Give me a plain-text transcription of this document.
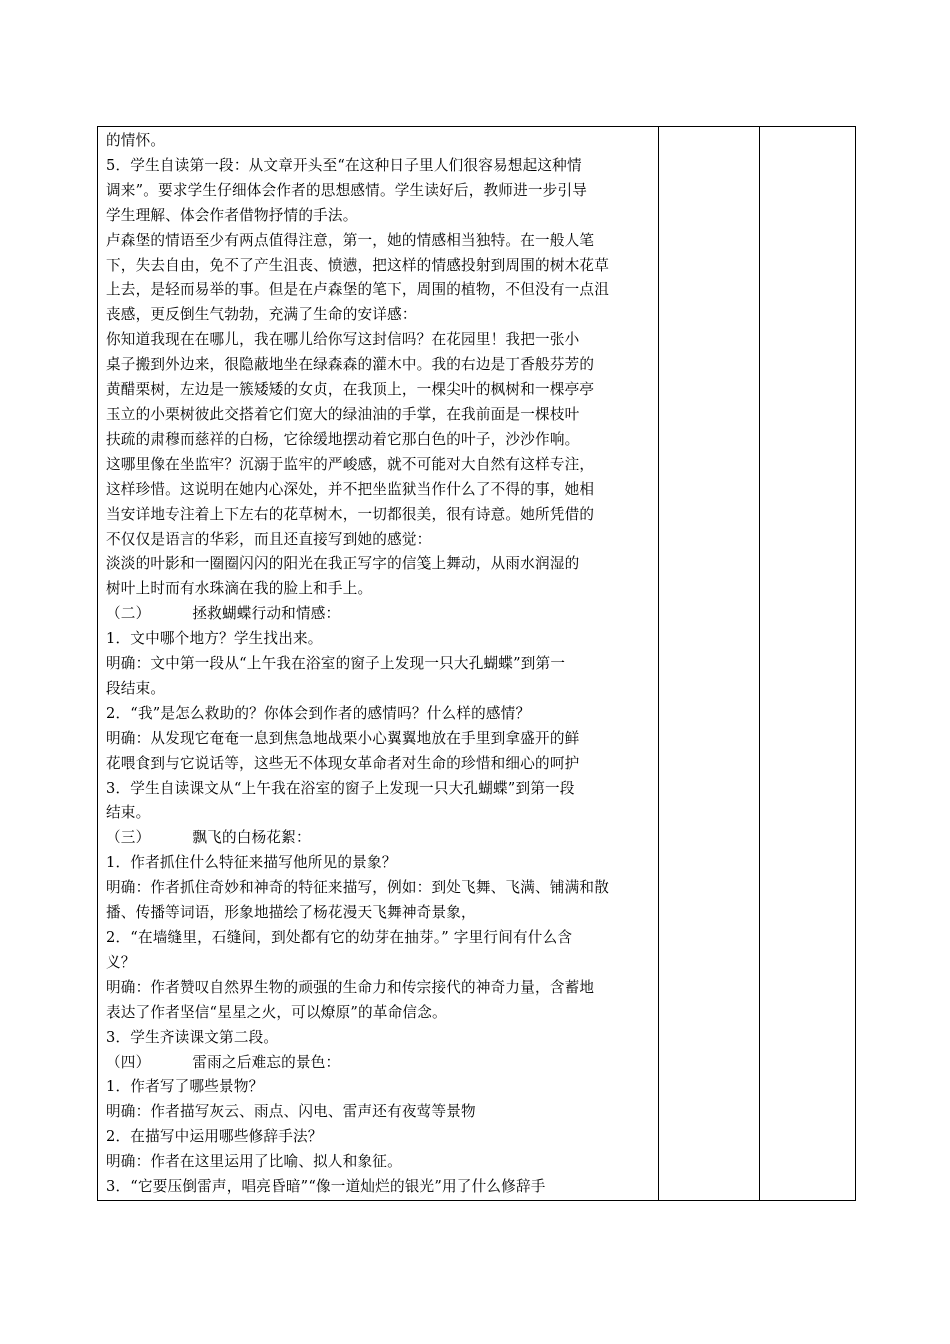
的情怀。
5．学生自读第一段：从文章开头至“在这种日子里人们很容易想起这种情
调来”。要求学生仔细体会作者的思想感情。学生读好后，教师进一步引导
学生理解、体会作者借物抒情的手法。
卢森堡的情语至少有两点值得注意，第一，她的情感相当独特。在一般人笔
下，失去自由，免不了产生沮丧、愤懑，把这样的情感投射到周围的树木花草
上去，是轻而易举的事。但是在卢森堡的笔下，周围的植物，不但没有一点沮
丧感，更反倒生气勃勃，充满了生命的安详感：
你知道我现在在哪儿，我在哪儿给你写这封信吗？在花园里！我把一张小
桌子搬到外边来，很隐蔽地坐在绿森森的灌木中。我的右边是丁香般芬芳的
黄醋栗树，左边是一簇矮矮的女贞，在我顶上，一棵尖叶的枫树和一棵亭亭
玉立的小栗树彼此交搭着它们宽大的绿油油的手掌，在我前面是一棵枝叶
扶疏的肃穆而慈祥的白杨，它徐缓地摆动着它那白色的叶子，沙沙作响。
这哪里像在坐监牢？沉溺于监牢的严峻感，就不可能对大自然有这样专注，
这样珍惜。这说明在她内心深处，并不把坐监狱当作什么了不得的事，她相
当安详地专注着上下左右的花草树木，一切都很美，很有诗意。她所凭借的
不仅仅是语言的华彩，而且还直接写到她的感觉：
淡淡的叶影和一圈圈闪闪的阳光在我正写字的信笺上舞动，从雨水润湿的
树叶上时而有水珠滴在我的脸上和手上。
（二）	拯救蝴蝶行动和情感：
1．文中哪个地方？学生找出来。
明确：文中第一段从“上午我在浴室的窗子上发现一只大孔蝴蝶”到第一
段结束。
2．“我”是怎么救助的？你体会到作者的感情吗？什么样的感情？
明确：从发现它奄奄一息到焦急地战栗小心翼翼地放在手里到拿盛开的鲜
花喂食到与它说话等，这些无不体现女革命者对生命的珍惜和细心的呵护
3．学生自读课文从“上午我在浴室的窗子上发现一只大孔蝴蝶”到第一段
结束。
（三）	飘飞的白杨花絮：
1．作者抓住什么特征来描写他所见的景象？
明确：作者抓住奇妙和神奇的特征来描写，例如：到处飞舞、飞满、铺满和散
播、传播等词语，形象地描绘了杨花漫天飞舞神奇景象，
2．“在墙缝里，石缝间，到处都有它的幼芽在抽芽。” 字里行间有什么含
义？
明确：作者赞叹自然界生物的顽强的生命力和传宗接代的神奇力量，含蓄地
表达了作者坚信“星星之火，可以燎原”的革命信念。
3．学生齐读课文第二段。
（四）	雷雨之后难忘的景色：
1．作者写了哪些景物？
明确：作者描写灰云、雨点、闪电、雷声还有夜莺等景物
2．在描写中运用哪些修辞手法？
明确：作者在这里运用了比喻、拟人和象征。
3．“它要压倒雷声，唱亮昏暗”“像一道灿烂的银光”用了什么修辞手
